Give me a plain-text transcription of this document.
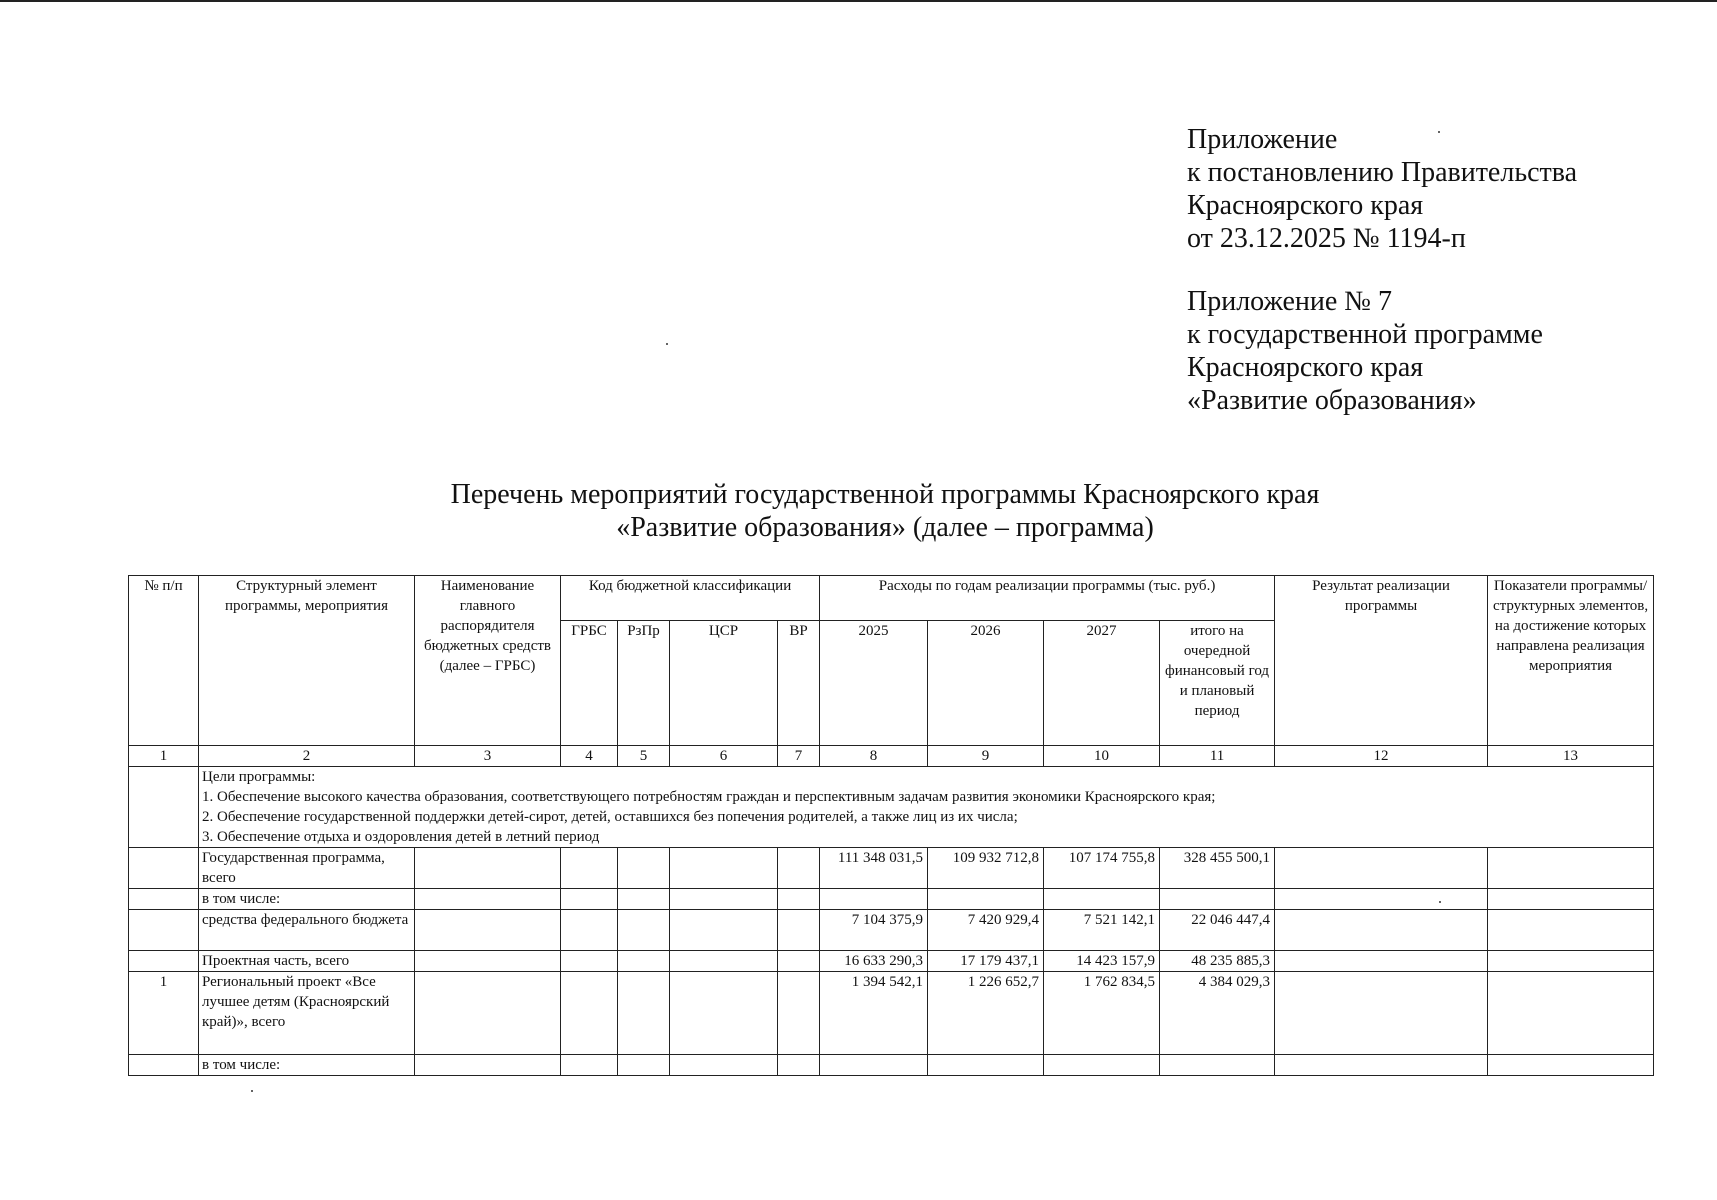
Приложение
к постановлению Правительства
Красноярского края
от 23.12.2025 № 1194-п
Приложение № 7
к государственной программе
Красноярского края
«Развитие образования»
Перечень мероприятий государственной программы Красноярского края
«Развитие образования» (далее – программа)
№ п/п	Структурный элемент программы, мероприятия	Наименование главного распорядителя бюджетных средств (далее – ГРБС)	Код бюджетной классификации				Расходы по годам реализации программы (тыс. руб.)				Результат реализации программы	Показатели программы/ структурных элементов, на достижение которых направлена реализация мероприятия
			ГРБС	РзПр	ЦСР	ВР	2025	2026	2027	итого на очередной финансовый год и плановый период		
1	2	3	4	5	6	7	8	9	10	11	12	13

	Цели программы:
1. Обеспечение высокого качества образования, соответствующего потребностям граждан и перспективным задачам развития экономики Красноярского края;
2. Обеспечение государственной поддержки детей-сирот, детей, оставшихся без попечения родителей, а также лиц из их числа;
3. Обеспечение отдыха и оздоровления детей в летний период											

	Государственная программа, всего						111 348 031,5	109 932 712,8	107 174 755,8	328 455 500,1		
	в том числе:											
	средства федерального бюджета						7 104 375,9	7 420 929,4	7 521 142,1	22 046 447,4		
	Проектная часть, всего						16 633 290,3	17 179 437,1	14 423 157,9	48 235 885,3		
1	Региональный проект «Все лучшее детям (Красноярский край)», всего						1 394 542,1	1 226 652,7	1 762 834,5	4 384 029,3		
	в том числе:											
